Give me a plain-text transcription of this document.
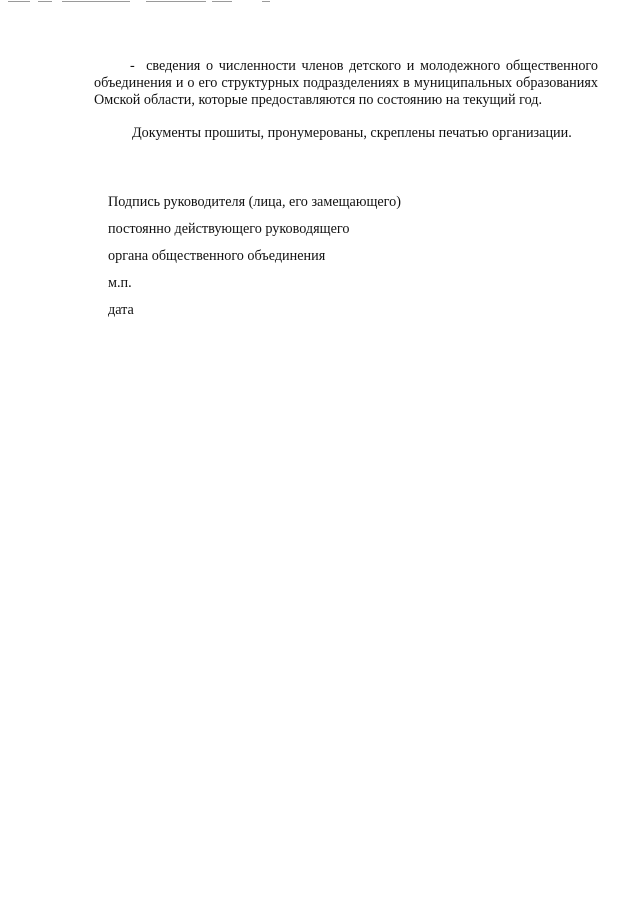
- сведения о численности членов детского и молодежного общественного объединения и о его структурных подразделениях в муниципальных образованиях Омской области, которые предоставляются по состоянию на текущий год.

Документы прошиты, пронумерованы, скреплены печатью организации.

Подпись руководителя (лица, его замещающего)

постоянно действующего руководящего

органа общественного объединения

м.п.

дата
